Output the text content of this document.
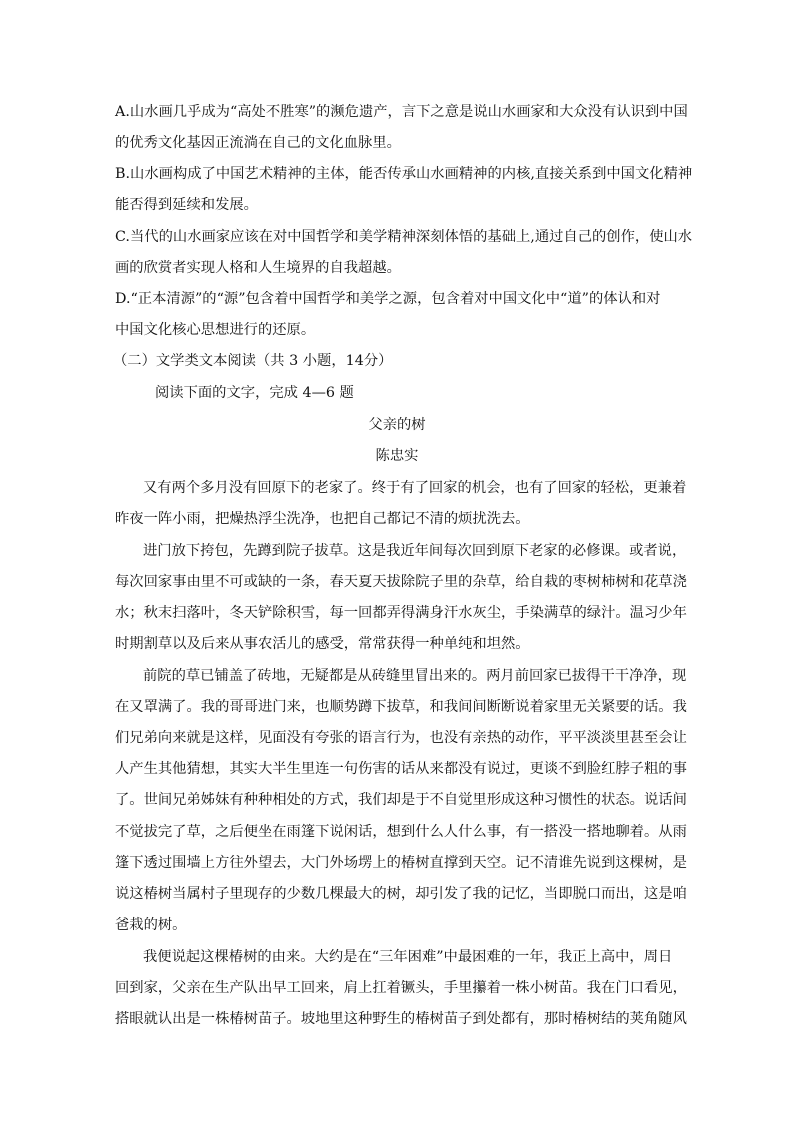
A.山水画几乎成为“高处不胜寒”的濒危遗产，言下之意是说山水画家和大众没有认识到中国
的优秀文化基因正流淌在自己的文化血脉里。
B.山水画构成了中国艺术精神的主体，能否传承山水画精神的内核,直接关系到中国文化精神
能否得到延续和发展。
C.当代的山水画家应该在对中国哲学和美学精神深刻体悟的基础上,通过自己的创作，使山水
画的欣赏者实现人格和人生境界的自我超越。
D.“正本清源”的“源”包含着中国哲学和美学之源，包含着对中国文化中“道”的体认和对
中国文化核心思想进行的还原。
（二）文学类文本阅读（共 3 小题，14分）
阅读下面的文字，完成 4—6 题
父亲的树
陈忠实
又有两个多月没有回原下的老家了。终于有了回家的机会，也有了回家的轻松，更兼着
昨夜一阵小雨，把燥热浮尘洗净，也把自己都记不清的烦扰洗去。
进门放下挎包，先蹲到院子拔草。这是我近年间每次回到原下老家的必修课。或者说，
每次回家事由里不可或缺的一条，春天夏天拔除院子里的杂草，给自栽的枣树柿树和花草浇
水；秋末扫落叶，冬天铲除积雪，每一回都弄得满身汗水灰尘，手染满草的绿汁。温习少年
时期割草以及后来从事农活儿的感受，常常获得一种单纯和坦然。
前院的草已铺盖了砖地，无疑都是从砖缝里冒出来的。两月前回家已拔得干干净净，现
在又罩满了。我的哥哥进门来，也顺势蹲下拔草，和我间间断断说着家里无关紧要的话。我
们兄弟向来就是这样，见面没有夸张的语言行为，也没有亲热的动作，平平淡淡里甚至会让
人产生其他猜想，其实大半生里连一句伤害的话从来都没有说过，更谈不到脸红脖子粗的事
了。世间兄弟姊妹有种种相处的方式，我们却是于不自觉里形成这种习惯性的状态。说话间
不觉拔完了草，之后便坐在雨篷下说闲话，想到什么人什么事，有一搭没一搭地聊着。从雨
篷下透过围墙上方往外望去，大门外场塄上的椿树直撑到天空。记不清谁先说到这棵树，是
说这椿树当属村子里现存的少数几棵最大的树，却引发了我的记忆，当即脱口而出，这是咱
爸栽的树。
我便说起这棵椿树的由来。大约是在“三年困难”中最困难的一年，我正上高中，周日
回到家，父亲在生产队出早工回来，肩上扛着镢头，手里攥着一株小树苗。我在门口看见，
搭眼就认出是一株椿树苗子。坡地里这种野生的椿树苗子到处都有，那时椿树结的荚角随风
